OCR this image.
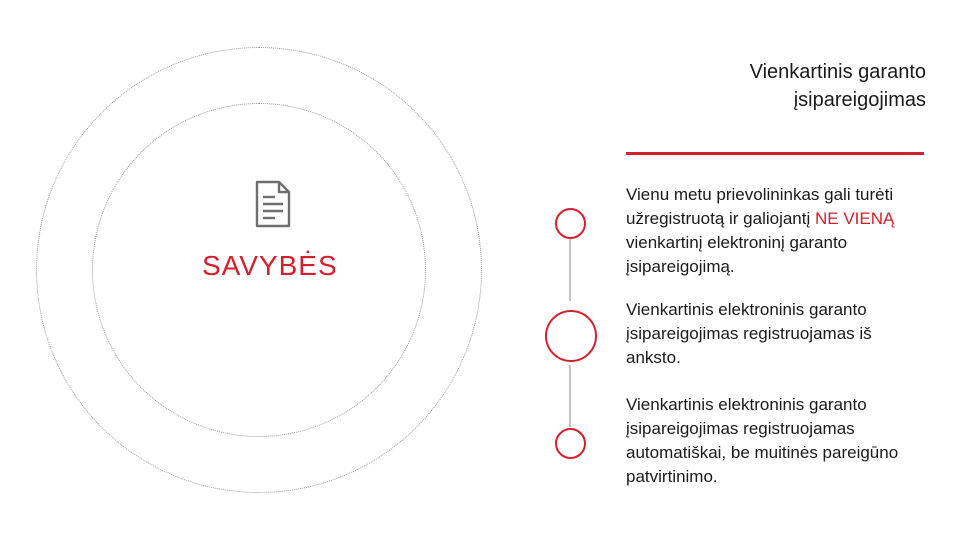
SAVYBĖS
Vienkartinis garanto
įsipareigojimas
Vienu metu prievolininkas gali turėti užregistruotą ir galiojantį NE VIENĄ vienkartinį elektroninį garanto įsipareigojimą.
Vienkartinis elektroninis garanto įsipareigojimas registruojamas iš anksto.
Vienkartinis elektroninis garanto įsipareigojimas registruojamas automatiškai, be muitinės pareigūno patvirtinimo.
